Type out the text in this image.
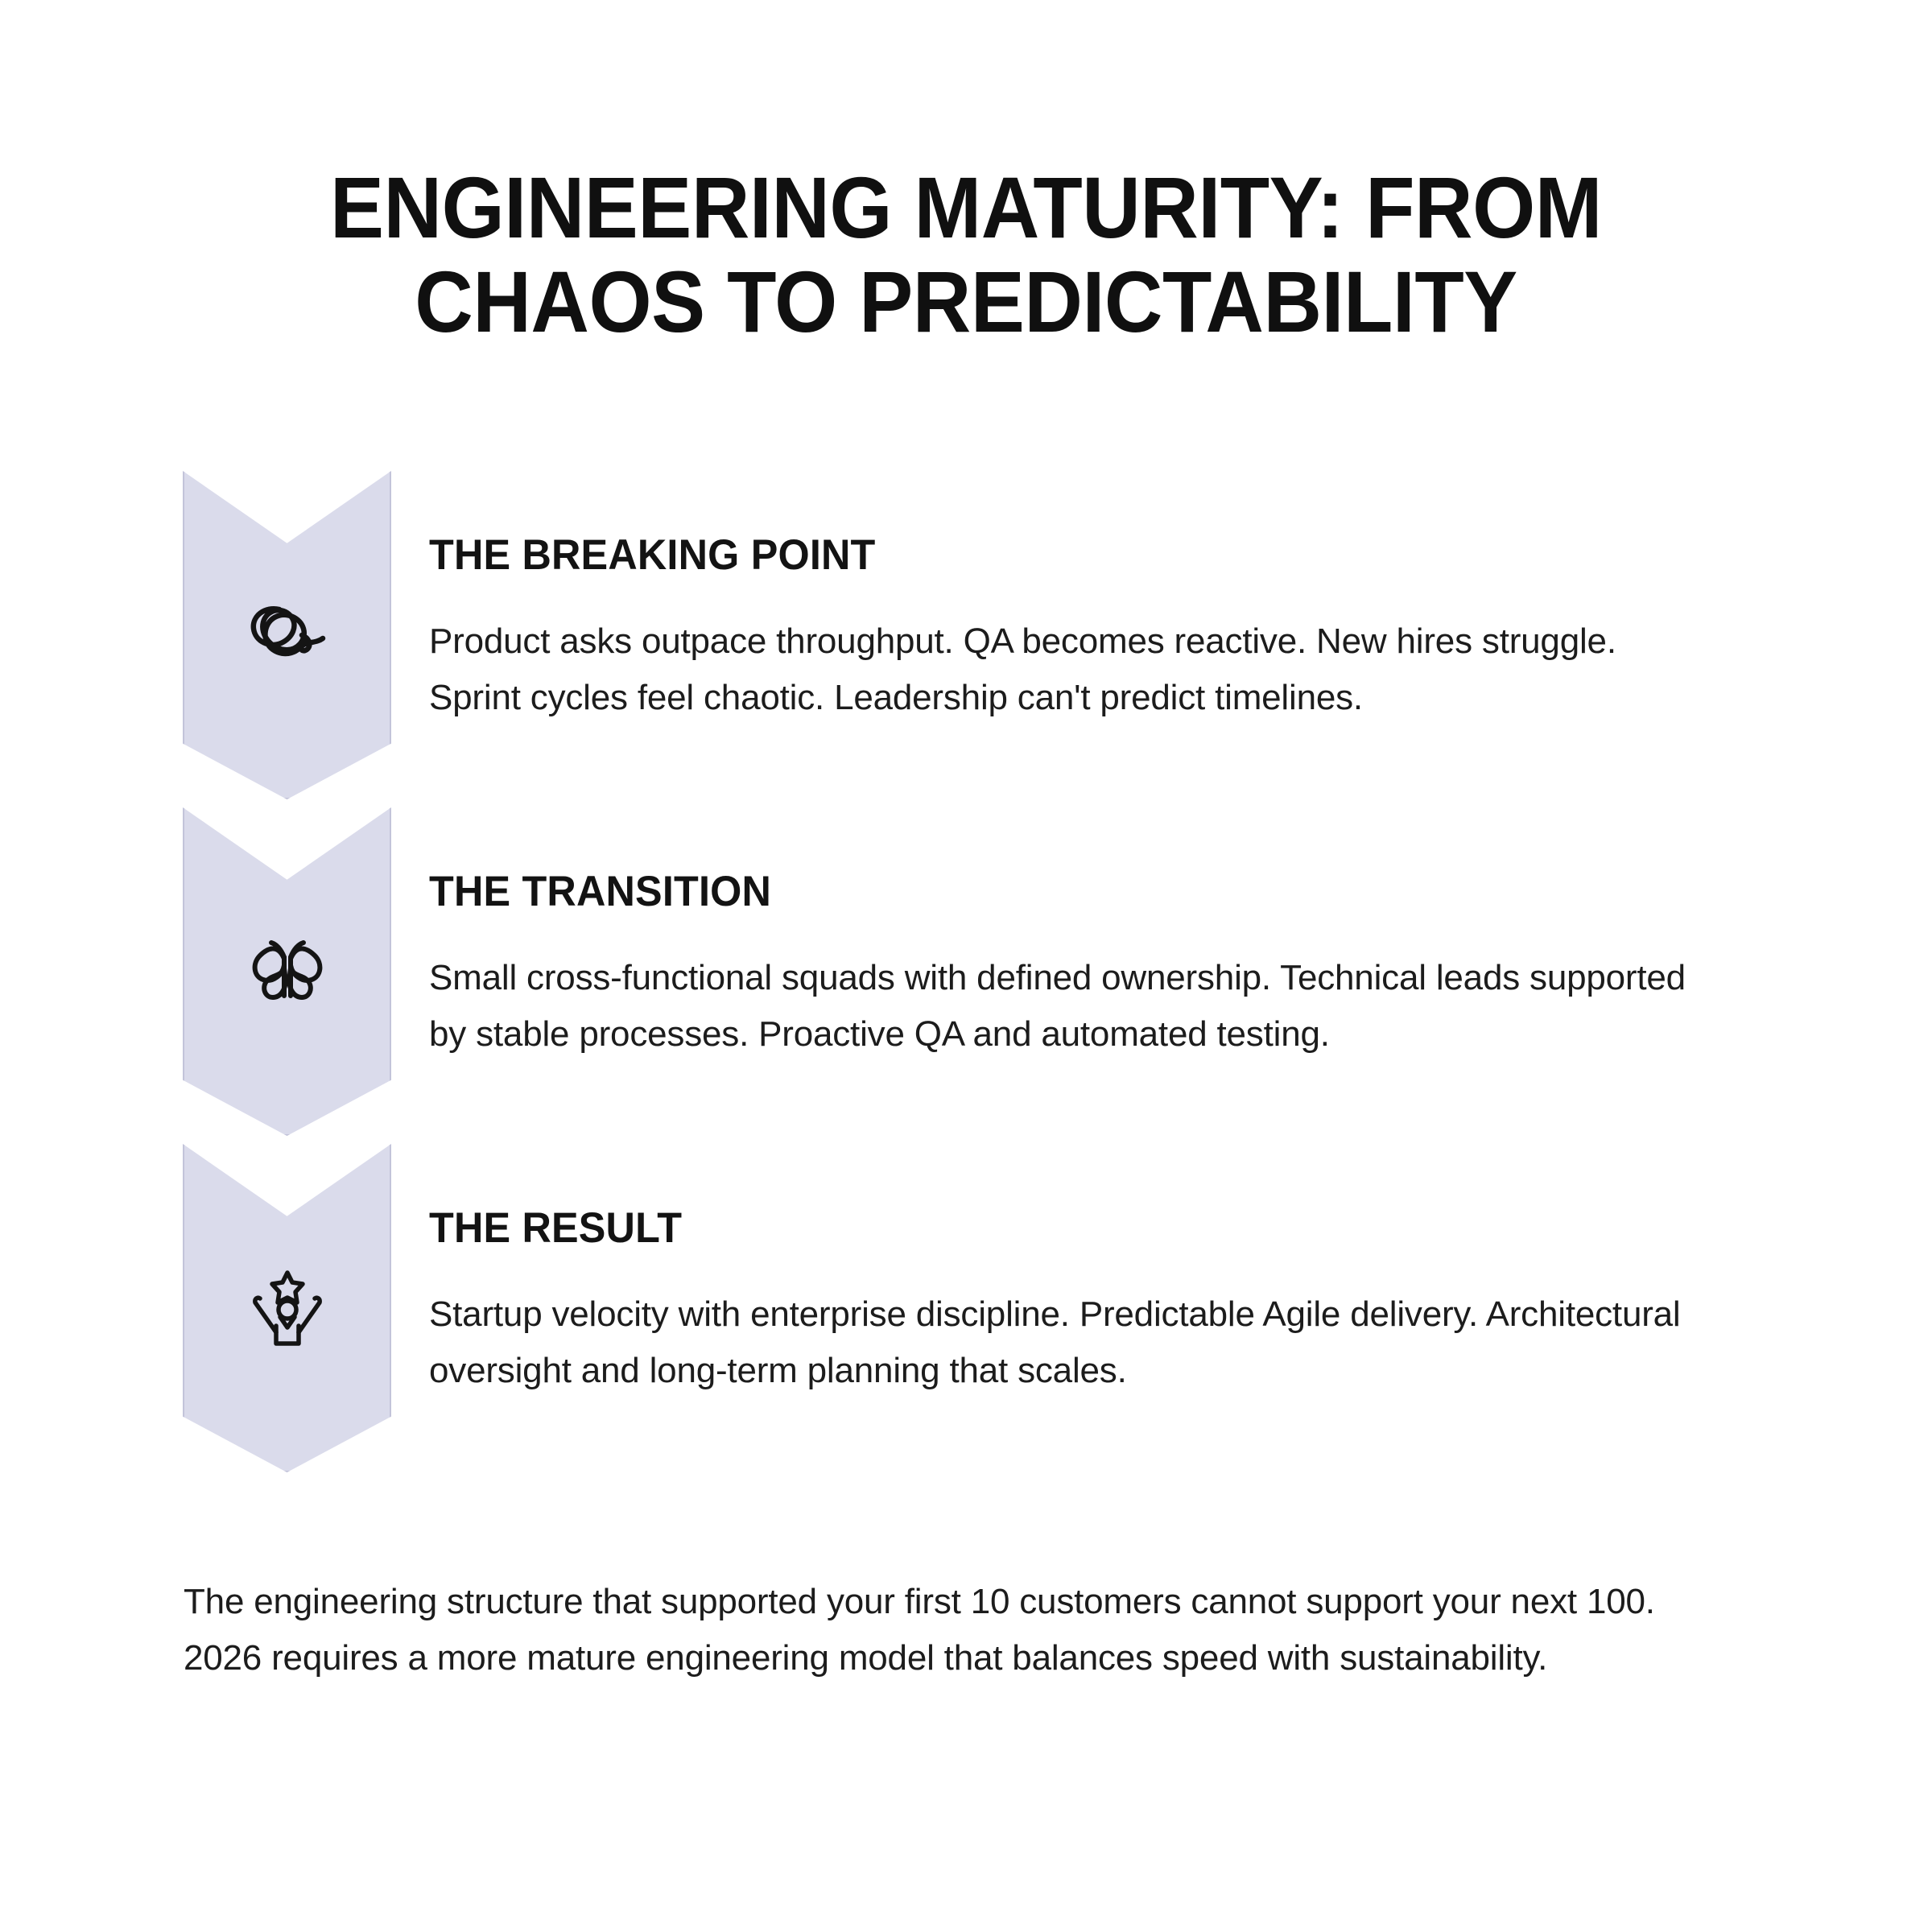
ENGINEERING MATURITY: FROM CHAOS TO PREDICTABILITY
THE BREAKING POINT
Product asks outpace throughput. QA becomes reactive. New hires struggle. Sprint cycles feel chaotic. Leadership can't predict timelines.
THE TRANSITION
Small cross-functional squads with defined ownership. Technical leads supported by stable processes. Proactive QA and automated testing.
THE RESULT
Startup velocity with enterprise discipline. Predictable Agile delivery. Architectural oversight and long-term planning that scales.
The engineering structure that supported your first 10 customers cannot support your next 100. 2026 requires a more mature engineering model that balances speed with sustainability.
